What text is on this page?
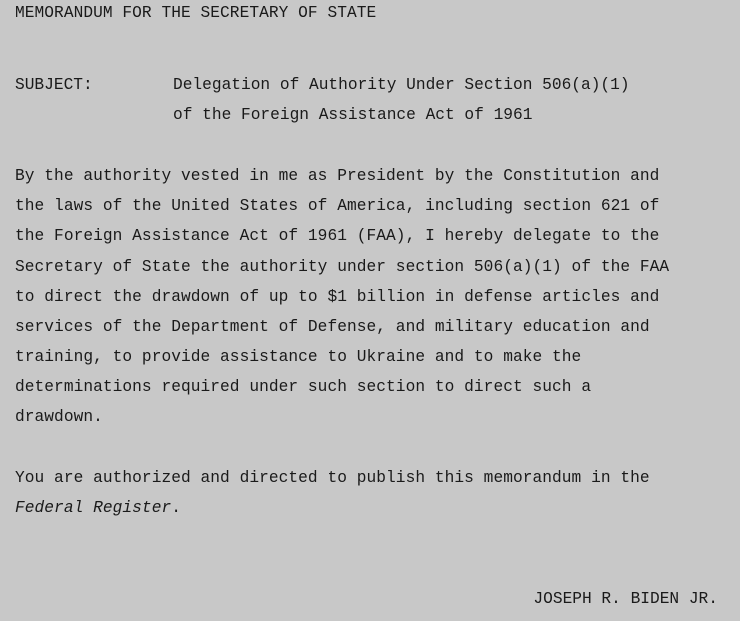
MEMORANDUM FOR THE SECRETARY OF STATE
SUBJECT:	Delegation of Authority Under Section 506(a)(1)
of the Foreign Assistance Act of 1961
By the authority vested in me as President by the Constitution and
the laws of the United States of America, including section 621 of
the Foreign Assistance Act of 1961 (FAA), I hereby delegate to the
Secretary of State the authority under section 506(a)(1) of the FAA
to direct the drawdown of up to $1 billion in defense articles and
services of the Department of Defense, and military education and
training, to provide assistance to Ukraine and to make the
determinations required under such section to direct such a
drawdown.
You are authorized and directed to publish this memorandum in the
Federal Register.
JOSEPH R. BIDEN JR.
